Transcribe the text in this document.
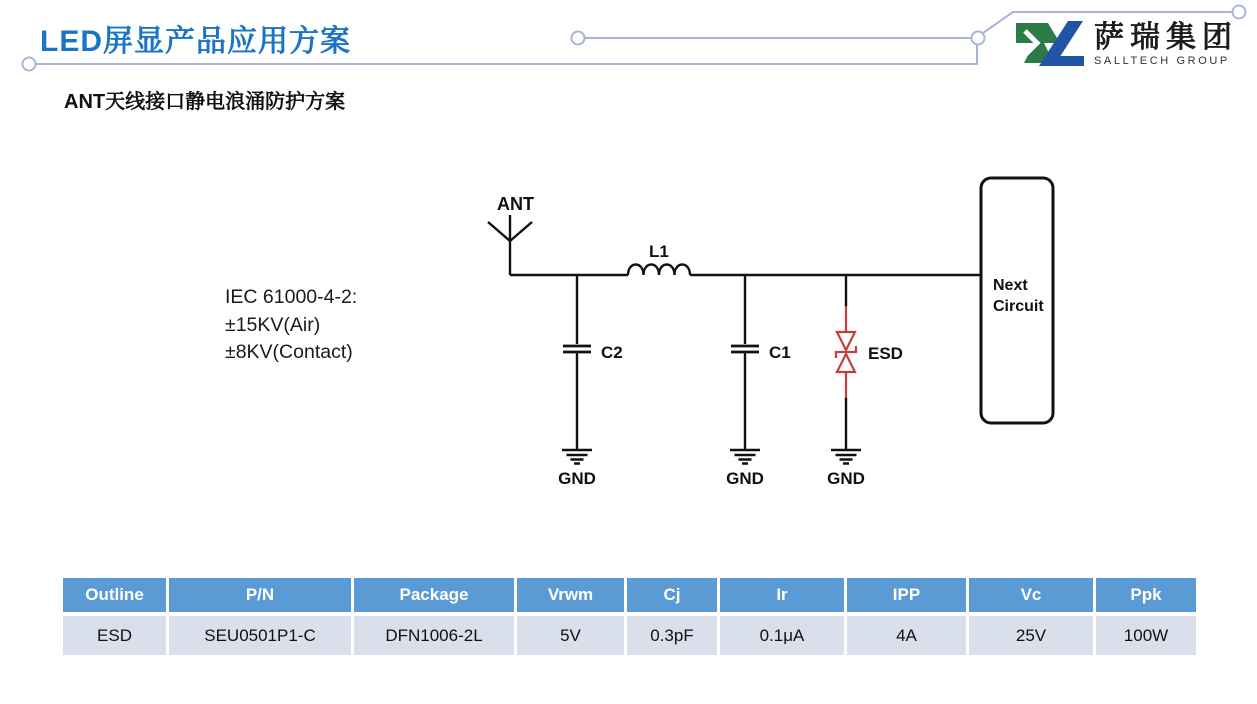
LED屏显产品应用方案
ANT天线接口静电浪涌防护方案
萨瑞集团
SALLTECH GROUP
ANT
L1
C2	C1	ESD
GND	GND	GND
Next Circuit
IEC 61000-4-2:
±15KV(Air)
±8KV(Contact)
Outline	P/N	Package	Vrwm	Cj	Ir	IPP	Vc	Ppk
ESD	SEU0501P1-C	DFN1006-2L	5V	0.3pF	0.1μA	4A	25V	100W
